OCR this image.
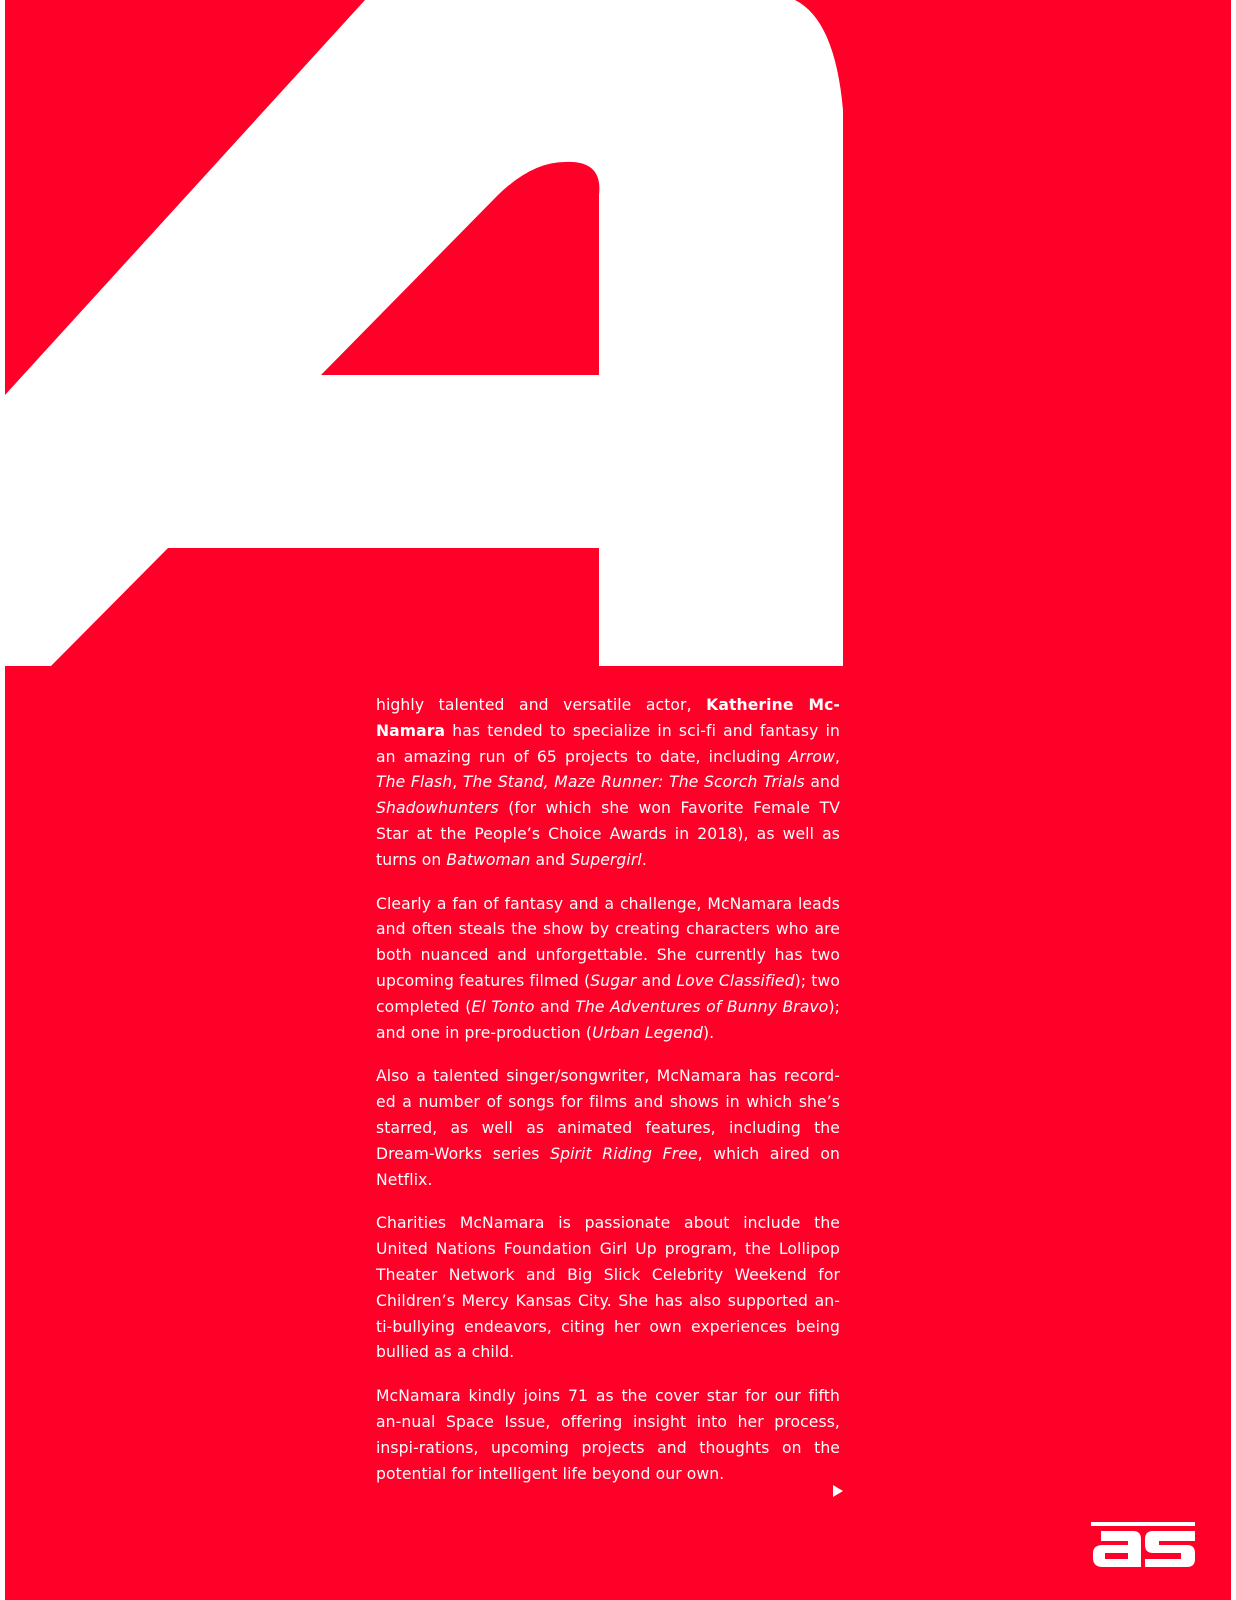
highly talented and versatile actor, Katherine Mc-Namara has tended to specialize in sci-fi and fantasy in an amazing run of 65 projects to date, including Arrow, The Flash, The Stand, Maze Runner: The Scorch Trials and Shadowhunters (for which she won Favorite Female TV Star at the People’s Choice Awards in 2018), as well as turns on Batwoman and Supergirl.

Clearly a fan of fantasy and a challenge, McNamara leads and often steals the show by creating characters who are both nuanced and unforgettable. She currently has two upcoming features filmed (Sugar and Love Classified); two completed (El Tonto and The Adventures of Bunny Bravo); and one in pre-production (Urban Legend).

Also a talented singer/songwriter, McNamara has record-ed a number of songs for films and shows in which she’s starred, as well as animated features, including the Dream-Works series Spirit Riding Free, which aired on Netflix.

Charities McNamara is passionate about include the United Nations Foundation Girl Up program, the Lollipop Theater Network and Big Slick Celebrity Weekend for Children’s Mercy Kansas City. She has also supported an-ti-bullying endeavors, citing her own experiences being bullied as a child.

McNamara kindly joins 71 as the cover star for our fifth an-nual Space Issue, offering insight into her process, inspi-rations, upcoming projects and thoughts on the potential for intelligent life beyond our own.
